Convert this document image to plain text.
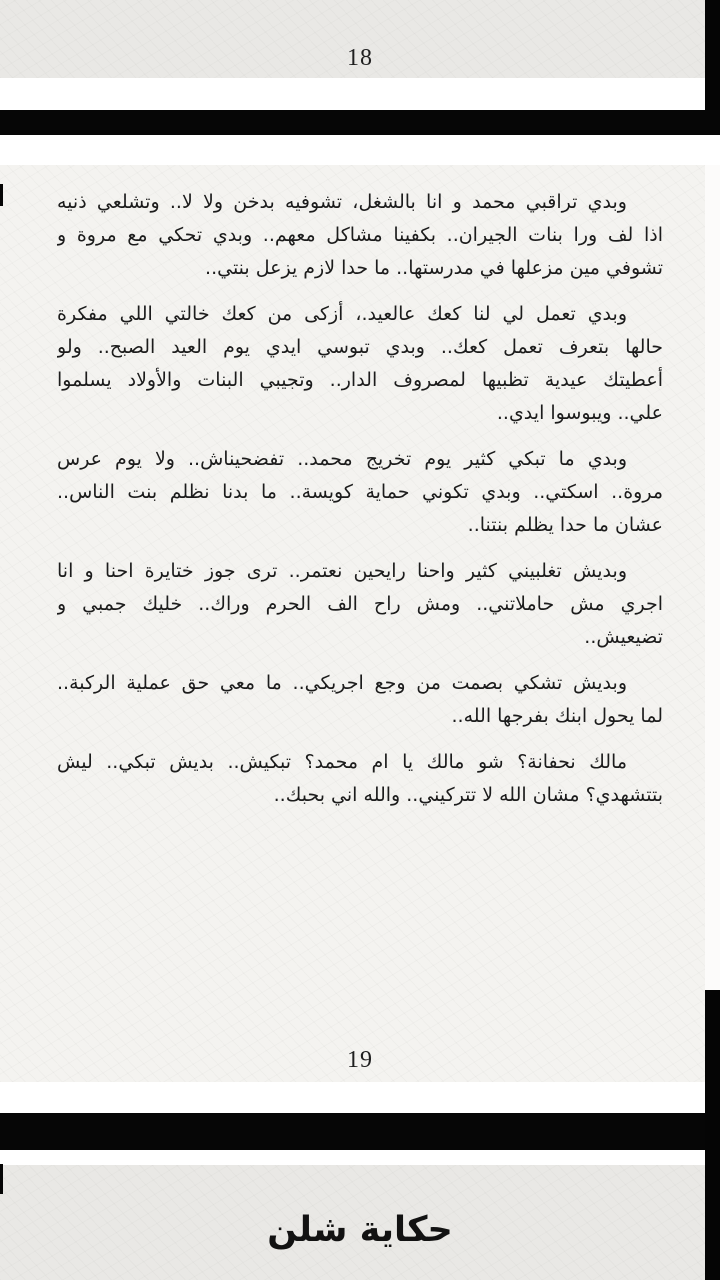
18
وبدي تراقبي محمد و انا بالشغل، تشوفيه بدخن ولا لا.. وتشلعي ذنيه
اذا لف ورا بنات الجيران.. بكفينا مشاكل معهم.. وبدي تحكي مع مروة و
تشوفي مين مزعلها في مدرستها.. ما حدا لازم يزعل بنتي..
وبدي تعمل لي لنا كعك عالعيد.، أزكى من كعك خالتي اللي مفكرة
حالها بتعرف تعمل كعك.. وبدي تبوسي ايدي يوم العيد الصبح.. ولو
أعطيتك عيدية تظبيها لمصروف الدار.. وتجيبي البنات والأولاد يسلموا
علي.. ويبوسوا ايدي..
وبدي ما تبكي كثير يوم تخريج محمد.. تفضحيناش.. ولا يوم عرس
مروة.. اسكتي.. وبدي تكوني حماية كويسة.. ما بدنا نظلم بنت الناس..
عشان ما حدا يظلم بنتنا..
وبديش تغلبيني كثير واحنا رايحين نعتمر.. ترى جوز ختايرة احنا و انا
اجري مش حاملاتني.. ومش راح الف الحرم وراك.. خليك جمبي و
تضيعيش..
وبديش تشكي بصمت من وجع اجريكي.. ما معي حق عملية الركبة..
لما يحول ابنك بفرجها الله..
مالك نحفانة؟ شو مالك يا ام محمد؟ تبكيش.. بديش تبكي.. ليش
بتتشهدي؟ مشان الله لا تتركيني.. والله اني بحبك..
19
حكاية شلن
